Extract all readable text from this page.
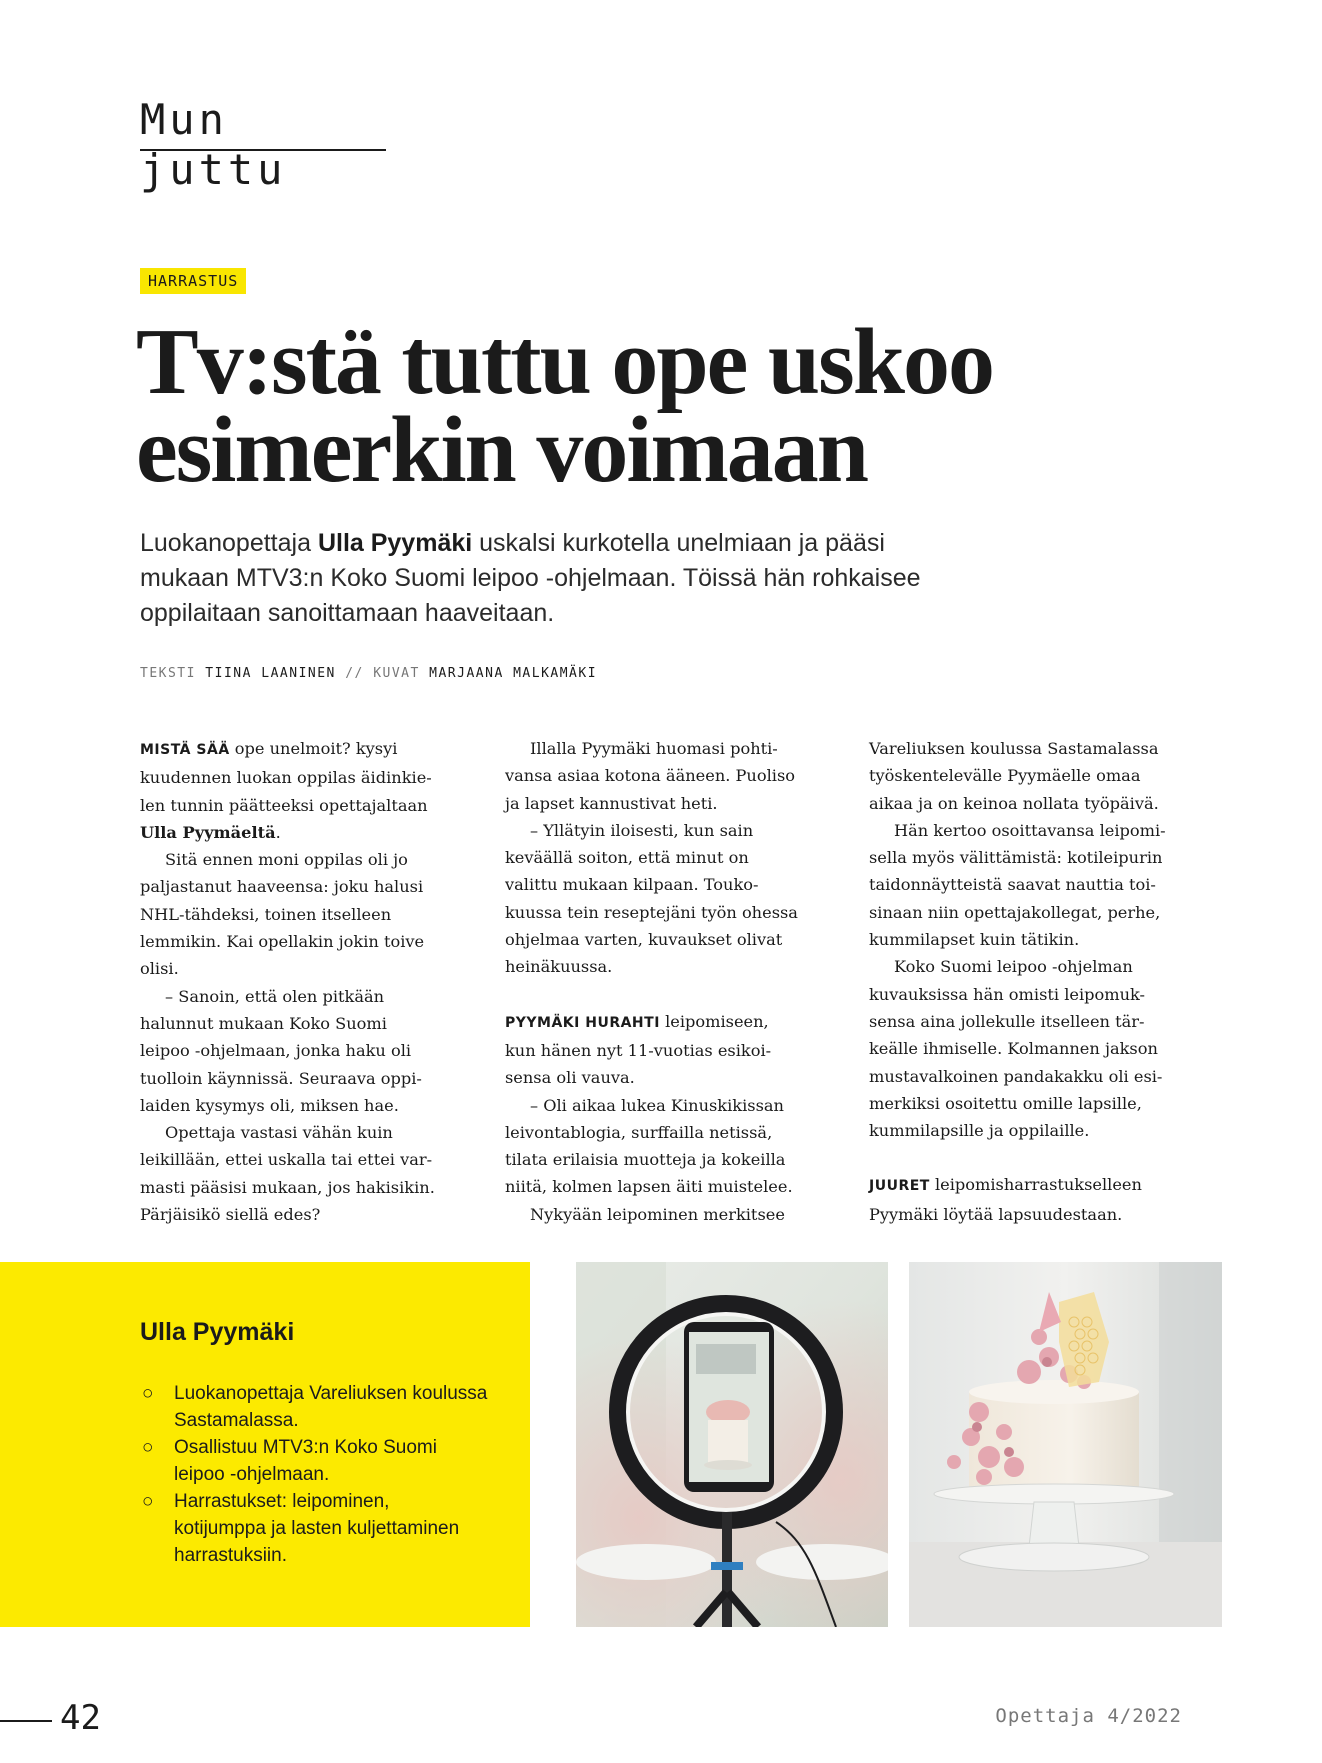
Mun juttu
HARRASTUS
Tv:stä tuttu ope uskoo
esimerkin voimaan
Luokanopettaja Ulla Pyymäki uskalsi kurkotella unelmiaan ja pääsi
mukaan MTV3:n Koko Suomi leipoo -ohjelmaan. Töissä hän rohkaisee
oppilaitaan sanoittamaan haaveitaan.
TEKSTI TIINA LAANINEN // KUVAT MARJAANA MALKAMÄKI

MISTÄ SÄÄ ope unelmoit? kysyi
kuudennen luokan oppilas äidinkie-
len tunnin päätteeksi opettajaltaan
Ulla Pyymäeltä.

Sitä ennen moni oppilas oli jo
paljastanut haaveensa: joku halusi
NHL-tähdeksi, toinen itselleen
lemmikin. Kai opellakin jokin toive
olisi.

– Sanoin, että olen pitkään
halunnut mukaan Koko Suomi
leipoo -ohjelmaan, jonka haku oli
tuolloin käynnissä. Seuraava oppi-
laiden kysymys oli, miksen hae.

Opettaja vastasi vähän kuin
leikillään, ettei uskalla tai ettei var-
masti pääsisi mukaan, jos hakisikin.
Pärjäisikö siellä edes?

Illalla Pyymäki huomasi pohti-
vansa asiaa kotona ääneen. Puoliso
ja lapset kannustivat heti.

– Yllätyin iloisesti, kun sain
keväällä soiton, että minut on
valittu mukaan kilpaan. Touko-
kuussa tein reseptejäni työn ohessa
ohjelmaa varten, kuvaukset olivat
heinäkuussa.

PYYMÄKI HURAHTI leipomiseen,
kun hänen nyt 11-vuotias esikoi-
sensa oli vauva.

– Oli aikaa lukea Kinuskikissan
leivontablogia, surffailla netissä,
tilata erilaisia muotteja ja kokeilla
niitä, kolmen lapsen äiti muistelee.

Nykyään leipominen merkitsee

Vareliuksen koulussa Sastamalassa
työskentelevälle Pyymäelle omaa
aikaa ja on keinoa nollata työpäivä.

Hän kertoo osoittavansa leipomi-
sella myös välittämistä: kotileipurin
taidonnäytteistä saavat nauttia toi-
sinaan niin opettajakollegat, perhe,
kummilapset kuin tätikin.

Koko Suomi leipoo -ohjelman
kuvauksissa hän omisti leipomuk-
sensa aina jollekulle itselleen tär-
keälle ihmiselle. Kolmannen jakson
mustavalkoinen pandakakku oli esi-
merkiksi osoitettu omille lapsille,
kummilapsille ja oppilaille.

JUURET leipomisharrastukselleen
Pyymäki löytää lapsuudestaan.

Ulla Pyymäki
○ Luokanopettaja Vareliuksen koulussa
Sastamalassa.
○ Osallistuu MTV3:n Koko Suomi
leipoo -ohjelmaan.
○ Harrastukset: leipominen,
kotijumppa ja lasten kuljettaminen
harrastuksiin.
42	Opettaja 4/2022
